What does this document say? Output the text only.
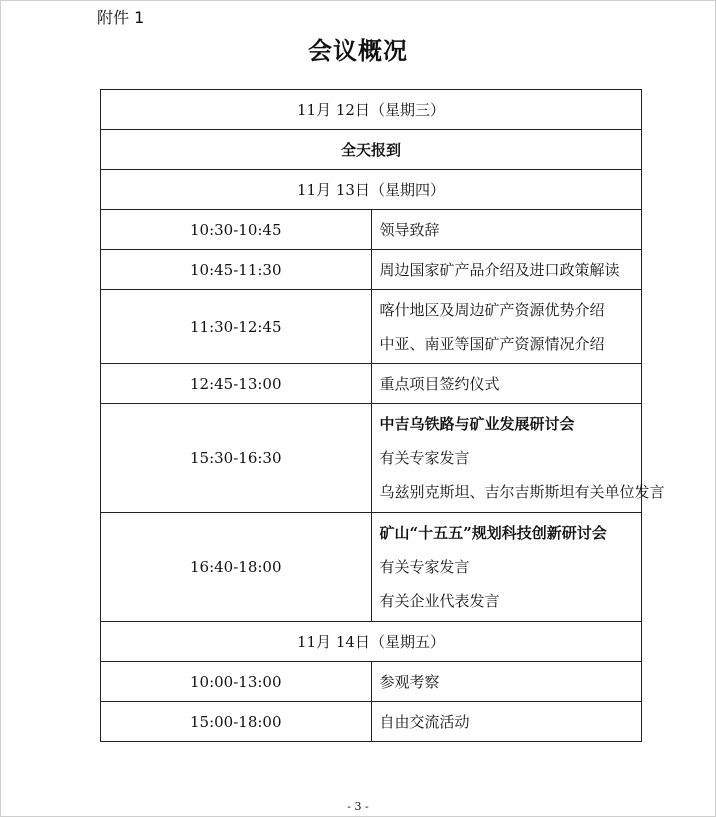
附件 1
会议概况
11月 12日（星期三）	
全天报到	
11月 13日（星期四）	
10:30-10:45	领导致辞

10:45-11:30	周边国家矿产品介绍及进口政策解读

11:30-12:45	喀什地区及周边矿产资源优势介绍
中亚、南亚等国矿产资源情况介绍

12:45-13:00	重点项目签约仪式

15:30-16:30	中吉乌铁路与矿业发展研讨会
有关专家发言
乌兹别克斯坦、吉尔吉斯斯坦有关单位发言

16:40-18:00	矿山“十五五”规划科技创新研讨会
有关专家发言
有关企业代表发言

11月 14日（星期五）	
10:00-13:00	参观考察

15:00-18:00	自由交流活动
- 3 -
